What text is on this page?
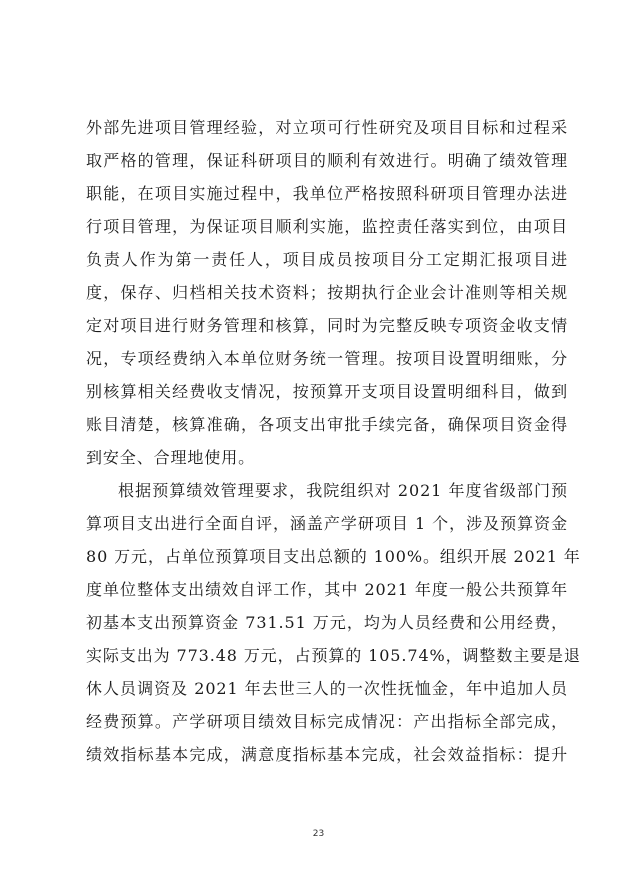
外部先进项目管理经验，对立项可行性研究及项目目标和过程采
取严格的管理，保证科研项目的顺利有效进行。明确了绩效管理
职能，在项目实施过程中，我单位严格按照科研项目管理办法进
行项目管理，为保证项目顺利实施，监控责任落实到位，由项目
负责人作为第一责任人，项目成员按项目分工定期汇报项目进
度，保存、归档相关技术资料；按期执行企业会计准则等相关规
定对项目进行财务管理和核算，同时为完整反映专项资金收支情
况，专项经费纳入本单位财务统一管理。按项目设置明细账，分
别核算相关经费收支情况，按预算开支项目设置明细科目，做到
账目清楚，核算准确，各项支出审批手续完备，确保项目资金得
到安全、合理地使用。
根据预算绩效管理要求，我院组织对 2021 年度省级部门预
算项目支出进行全面自评，涵盖产学研项目 1 个，涉及预算资金
80 万元，占单位预算项目支出总额的 100%。组织开展 2021 年
度单位整体支出绩效自评工作，其中 2021 年度一般公共预算年
初基本支出预算资金 731.51 万元，均为人员经费和公用经费，
实际支出为 773.48 万元，占预算的 105.74%，调整数主要是退
休人员调资及 2021 年去世三人的一次性抚恤金，年中追加人员
经费预算。产学研项目绩效目标完成情况：产出指标全部完成，
绩效指标基本完成，满意度指标基本完成，社会效益指标：提升
23
